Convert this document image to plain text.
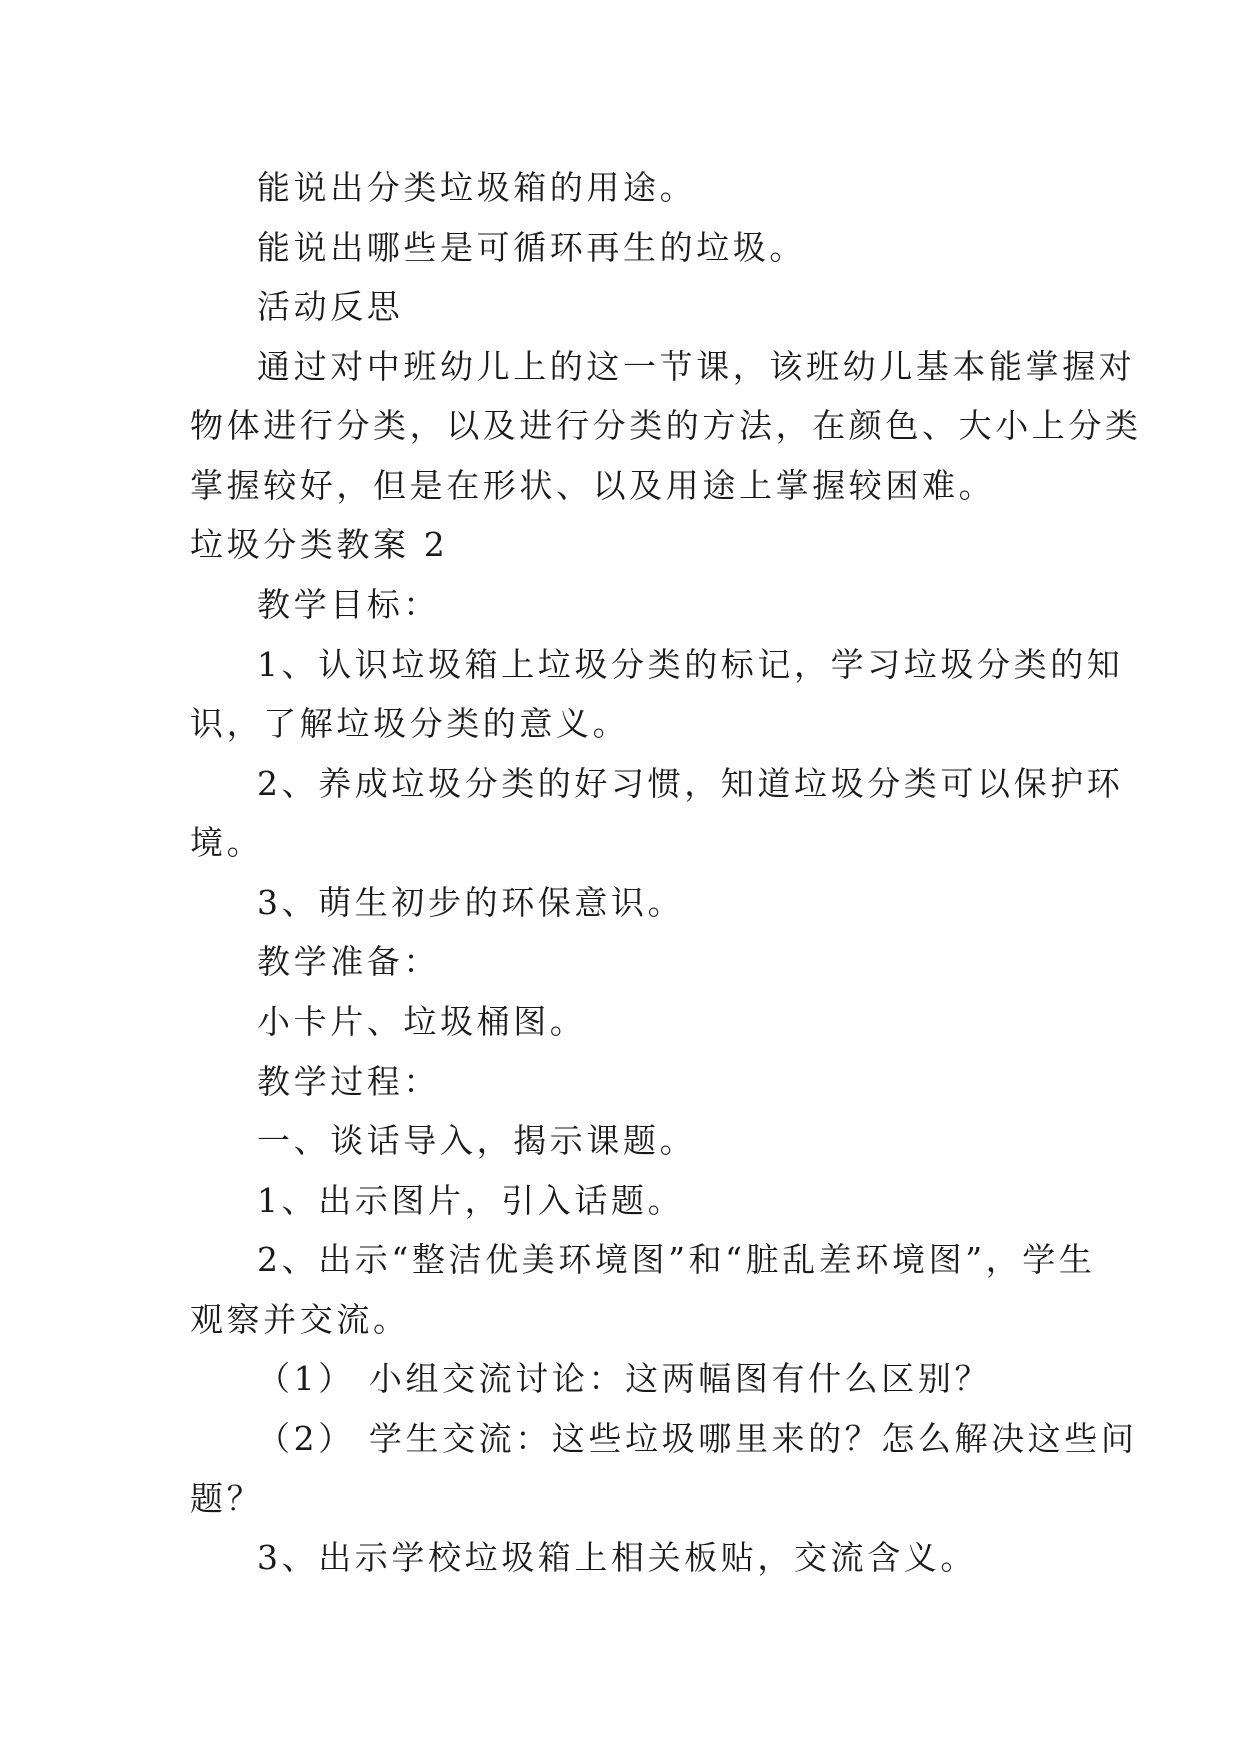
能说出分类垃圾箱的用途。
能说出哪些是可循环再生的垃圾。
活动反思
通过对中班幼儿上的这一节课，该班幼儿基本能掌握对
物体进行分类，以及进行分类的方法，在颜色、大小上分类
掌握较好，但是在形状、以及用途上掌握较困难。
垃圾分类教案 2
教学目标：
1、认识垃圾箱上垃圾分类的标记，学习垃圾分类的知
识，了解垃圾分类的意义。
2、养成垃圾分类的好习惯，知道垃圾分类可以保护环
境。
3、萌生初步的环保意识。
教学准备：
小卡片、垃圾桶图。
教学过程：
一、谈话导入，揭示课题。
1、出示图片，引入话题。
2、出示“整洁优美环境图”和“脏乱差环境图”，学生
观察并交流。
（1） 小组交流讨论：这两幅图有什么区别？
（2） 学生交流：这些垃圾哪里来的？怎么解决这些问
题？
3、出示学校垃圾箱上相关板贴，交流含义。
